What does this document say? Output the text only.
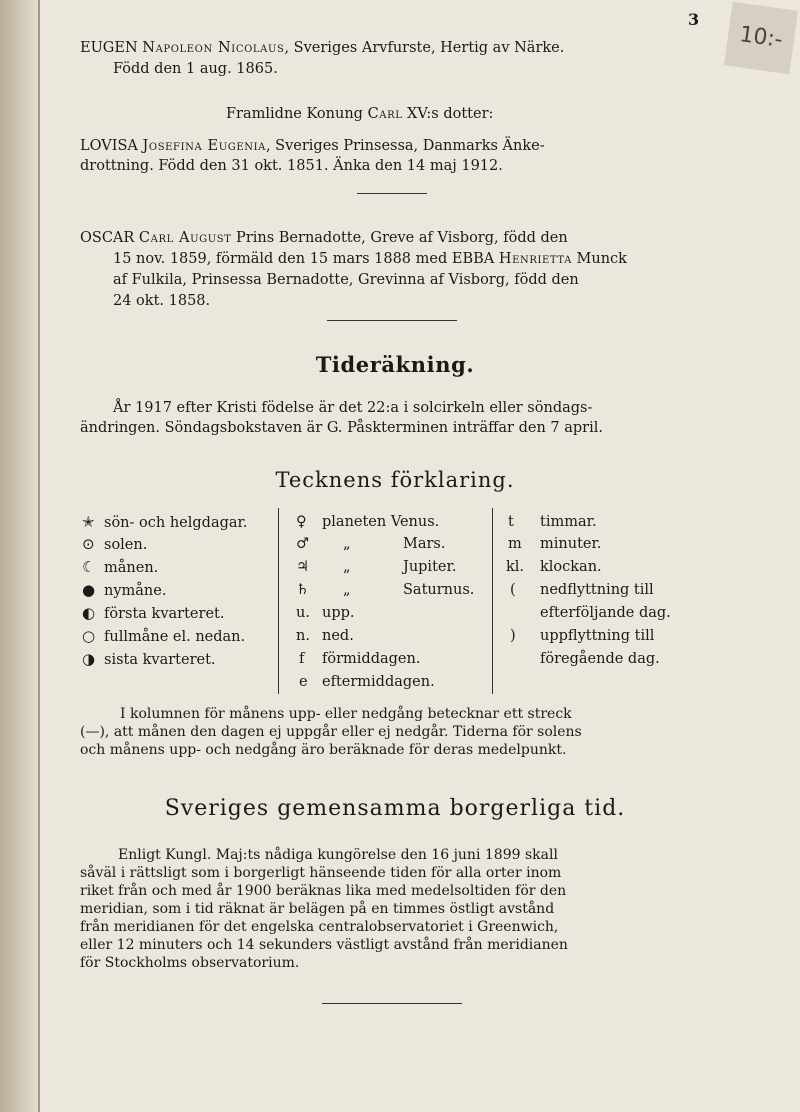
10:-
3
EUGEN Napoleon Nicolaus, Sveriges Arvfurste, Hertig av Närke.
Född den 1 aug. 1865.
Framlidne Konung Carl XV:s dotter:
LOVISA Josefina Eugenia, Sveriges Prinsessa, Danmarks Änke-
drottning. Född den 31 okt. 1851. Änka den 14 maj 1912.
OSCAR Carl August Prins Bernadotte, Greve af Visborg, född den
15 nov. 1859, förmäld den 15 mars 1888 med EBBA Henrietta Munck
af Fulkila, Prinsessa Bernadotte, Grevinna af Visborg, född den
24 okt. 1858.
Tideräkning.
År 1917 efter Kristi födelse är det 22:a i solcirkeln eller söndags-
ändringen. Söndagsbokstaven är G. Påskterminen inträffar den 7 april.
Tecknens förklaring.
✭ sön- och helgdagar.
⊙ solen.
☾ månen.
● nymåne.
◐ första kvarteret.
○ fullmåne el. nedan.
◑ sista kvarteret.
♀
♂
♃
♄
u.
n.
f
e
planeten Venus.
„
„
„
Mars.
Jupiter.
Saturnus.
upp.
ned.
förmiddagen.
eftermiddagen.
t
m
kl.
(
)
timmar.
minuter.
klockan.
nedflyttning till
efterföljande dag.
uppflyttning till
föregående dag.
I kolumnen för månens upp- eller nedgång betecknar ett streck
(—), att månen den dagen ej uppgår eller ej nedgår. Tiderna för solens
och månens upp- och nedgång äro beräknade för deras medelpunkt.
Sveriges gemensamma borgerliga tid.
Enligt Kungl. Maj:ts nådiga kungörelse den 16 juni 1899 skall
såväl i rättsligt som i borgerligt hänseende tiden för alla orter inom
riket från och med år 1900 beräknas lika med medelsoltiden för den
meridian, som i tid räknat är belägen på en timmes östligt avstånd
från meridianen för det engelska centralobservatoriet i Greenwich,
eller 12 minuters och 14 sekunders västligt avstånd från meridianen
för Stockholms observatorium.
